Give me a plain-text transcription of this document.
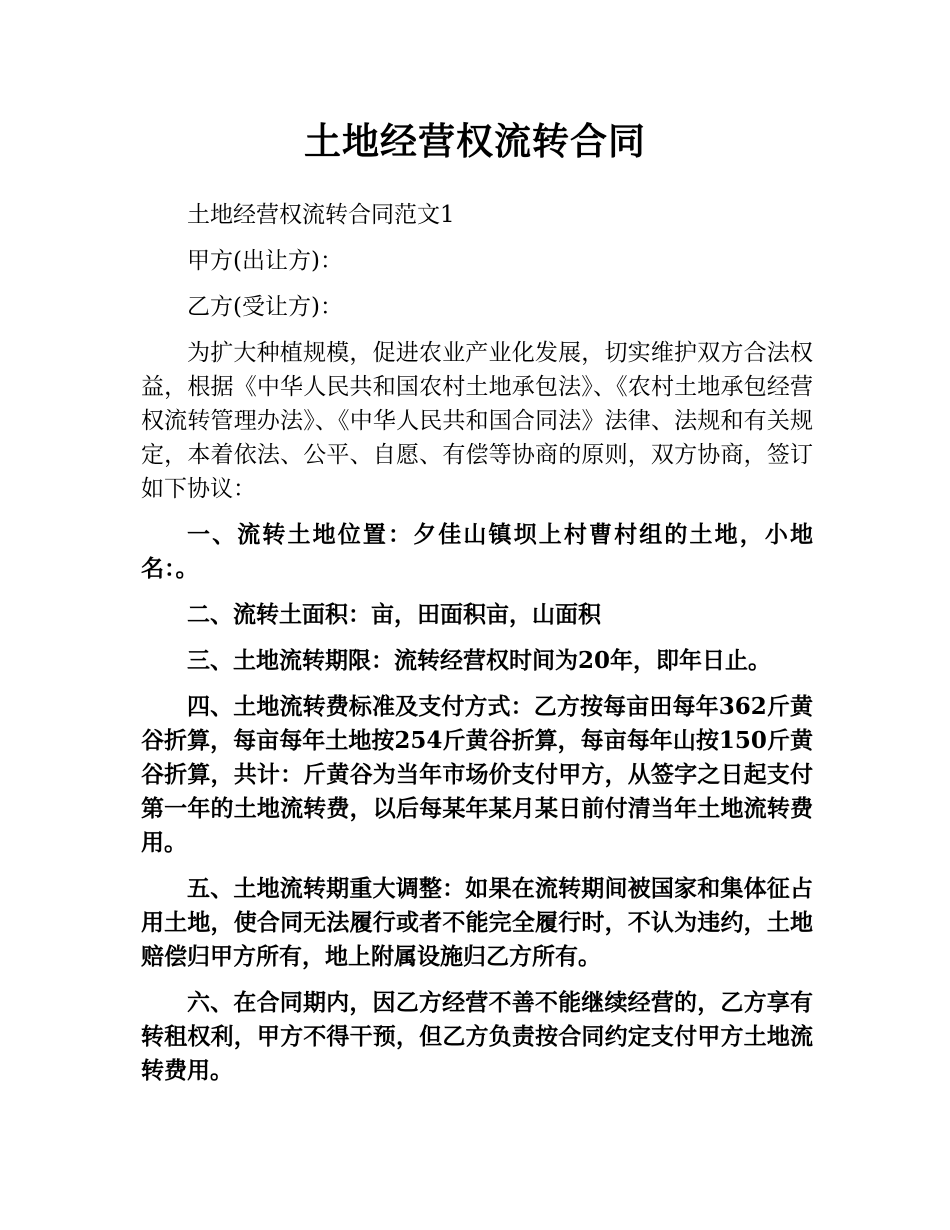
土地经营权流转合同

土地经营权流转合同范文1

甲方(出让方)：

乙方(受让方)：

为扩大种植规模，促进农业产业化发展，切实维护双方合法权益，根据《中华人民共和国农村土地承包法》、《农村土地承包经营权流转管理办法》、《中华人民共和国合同法》法律、法规和有关规定，本着依法、公平、自愿、有偿等协商的原则，双方协商，签订如下协议：

一、流转土地位置：夕佳山镇坝上村曹村组的土地，小地名：。

二、流转土面积：亩，田面积亩，山面积

三、土地流转期限：流转经营权时间为20年，即年日止。

四、土地流转费标准及支付方式：乙方按每亩田每年362斤黄谷折算，每亩每年土地按254斤黄谷折算，每亩每年山按150斤黄谷折算，共计：斤黄谷为当年市场价支付甲方，从签字之日起支付第一年的土地流转费，以后每某年某月某日前付清当年土地流转费用。

五、土地流转期重大调整：如果在流转期间被国家和集体征占用土地，使合同无法履行或者不能完全履行时，不认为违约，土地赔偿归甲方所有，地上附属设施归乙方所有。

六、在合同期内，因乙方经营不善不能继续经营的，乙方享有转租权利，甲方不得干预，但乙方负责按合同约定支付甲方土地流转费用。
